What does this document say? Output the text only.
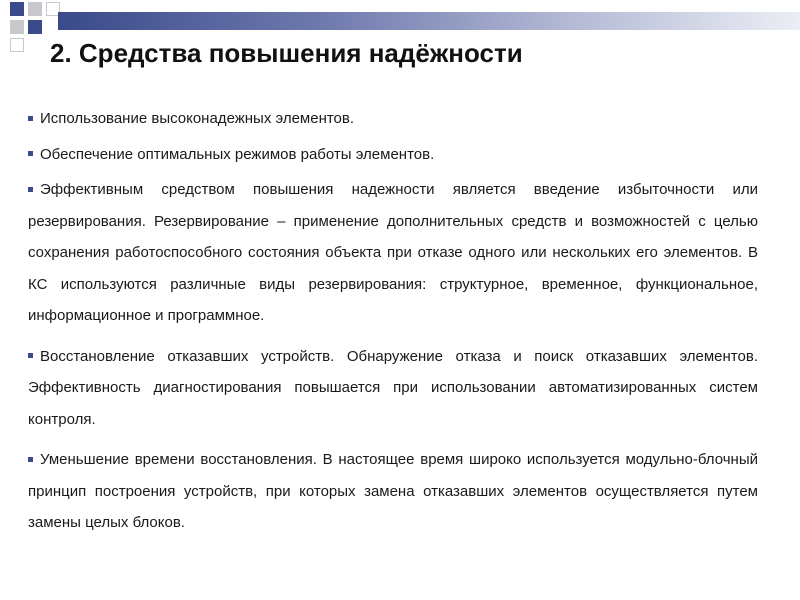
2. Средства повышения надёжности

Использование высоконадежных элементов.

Обеспечение оптимальных режимов работы элементов.

Эффективным средством повышения надежности является введение избыточности или резервирования. Резервирование – применение дополнительных средств и возможностей с целью сохранения работоспособного состояния объекта при отказе одного или нескольких его элементов. В КС используются различные виды резервирования: структурное, временное, функциональное, информационное и программное.

Восстановление отказавших устройств. Обнаружение отказа и поиск отказавших элементов. Эффективность диагностирования повышается при использовании автоматизированных систем контроля.

Уменьшение времени восстановления. В настоящее время широко используется модульно-блочный принцип построения устройств, при которых замена отказавших элементов осуществляется путем замены целых блоков.
